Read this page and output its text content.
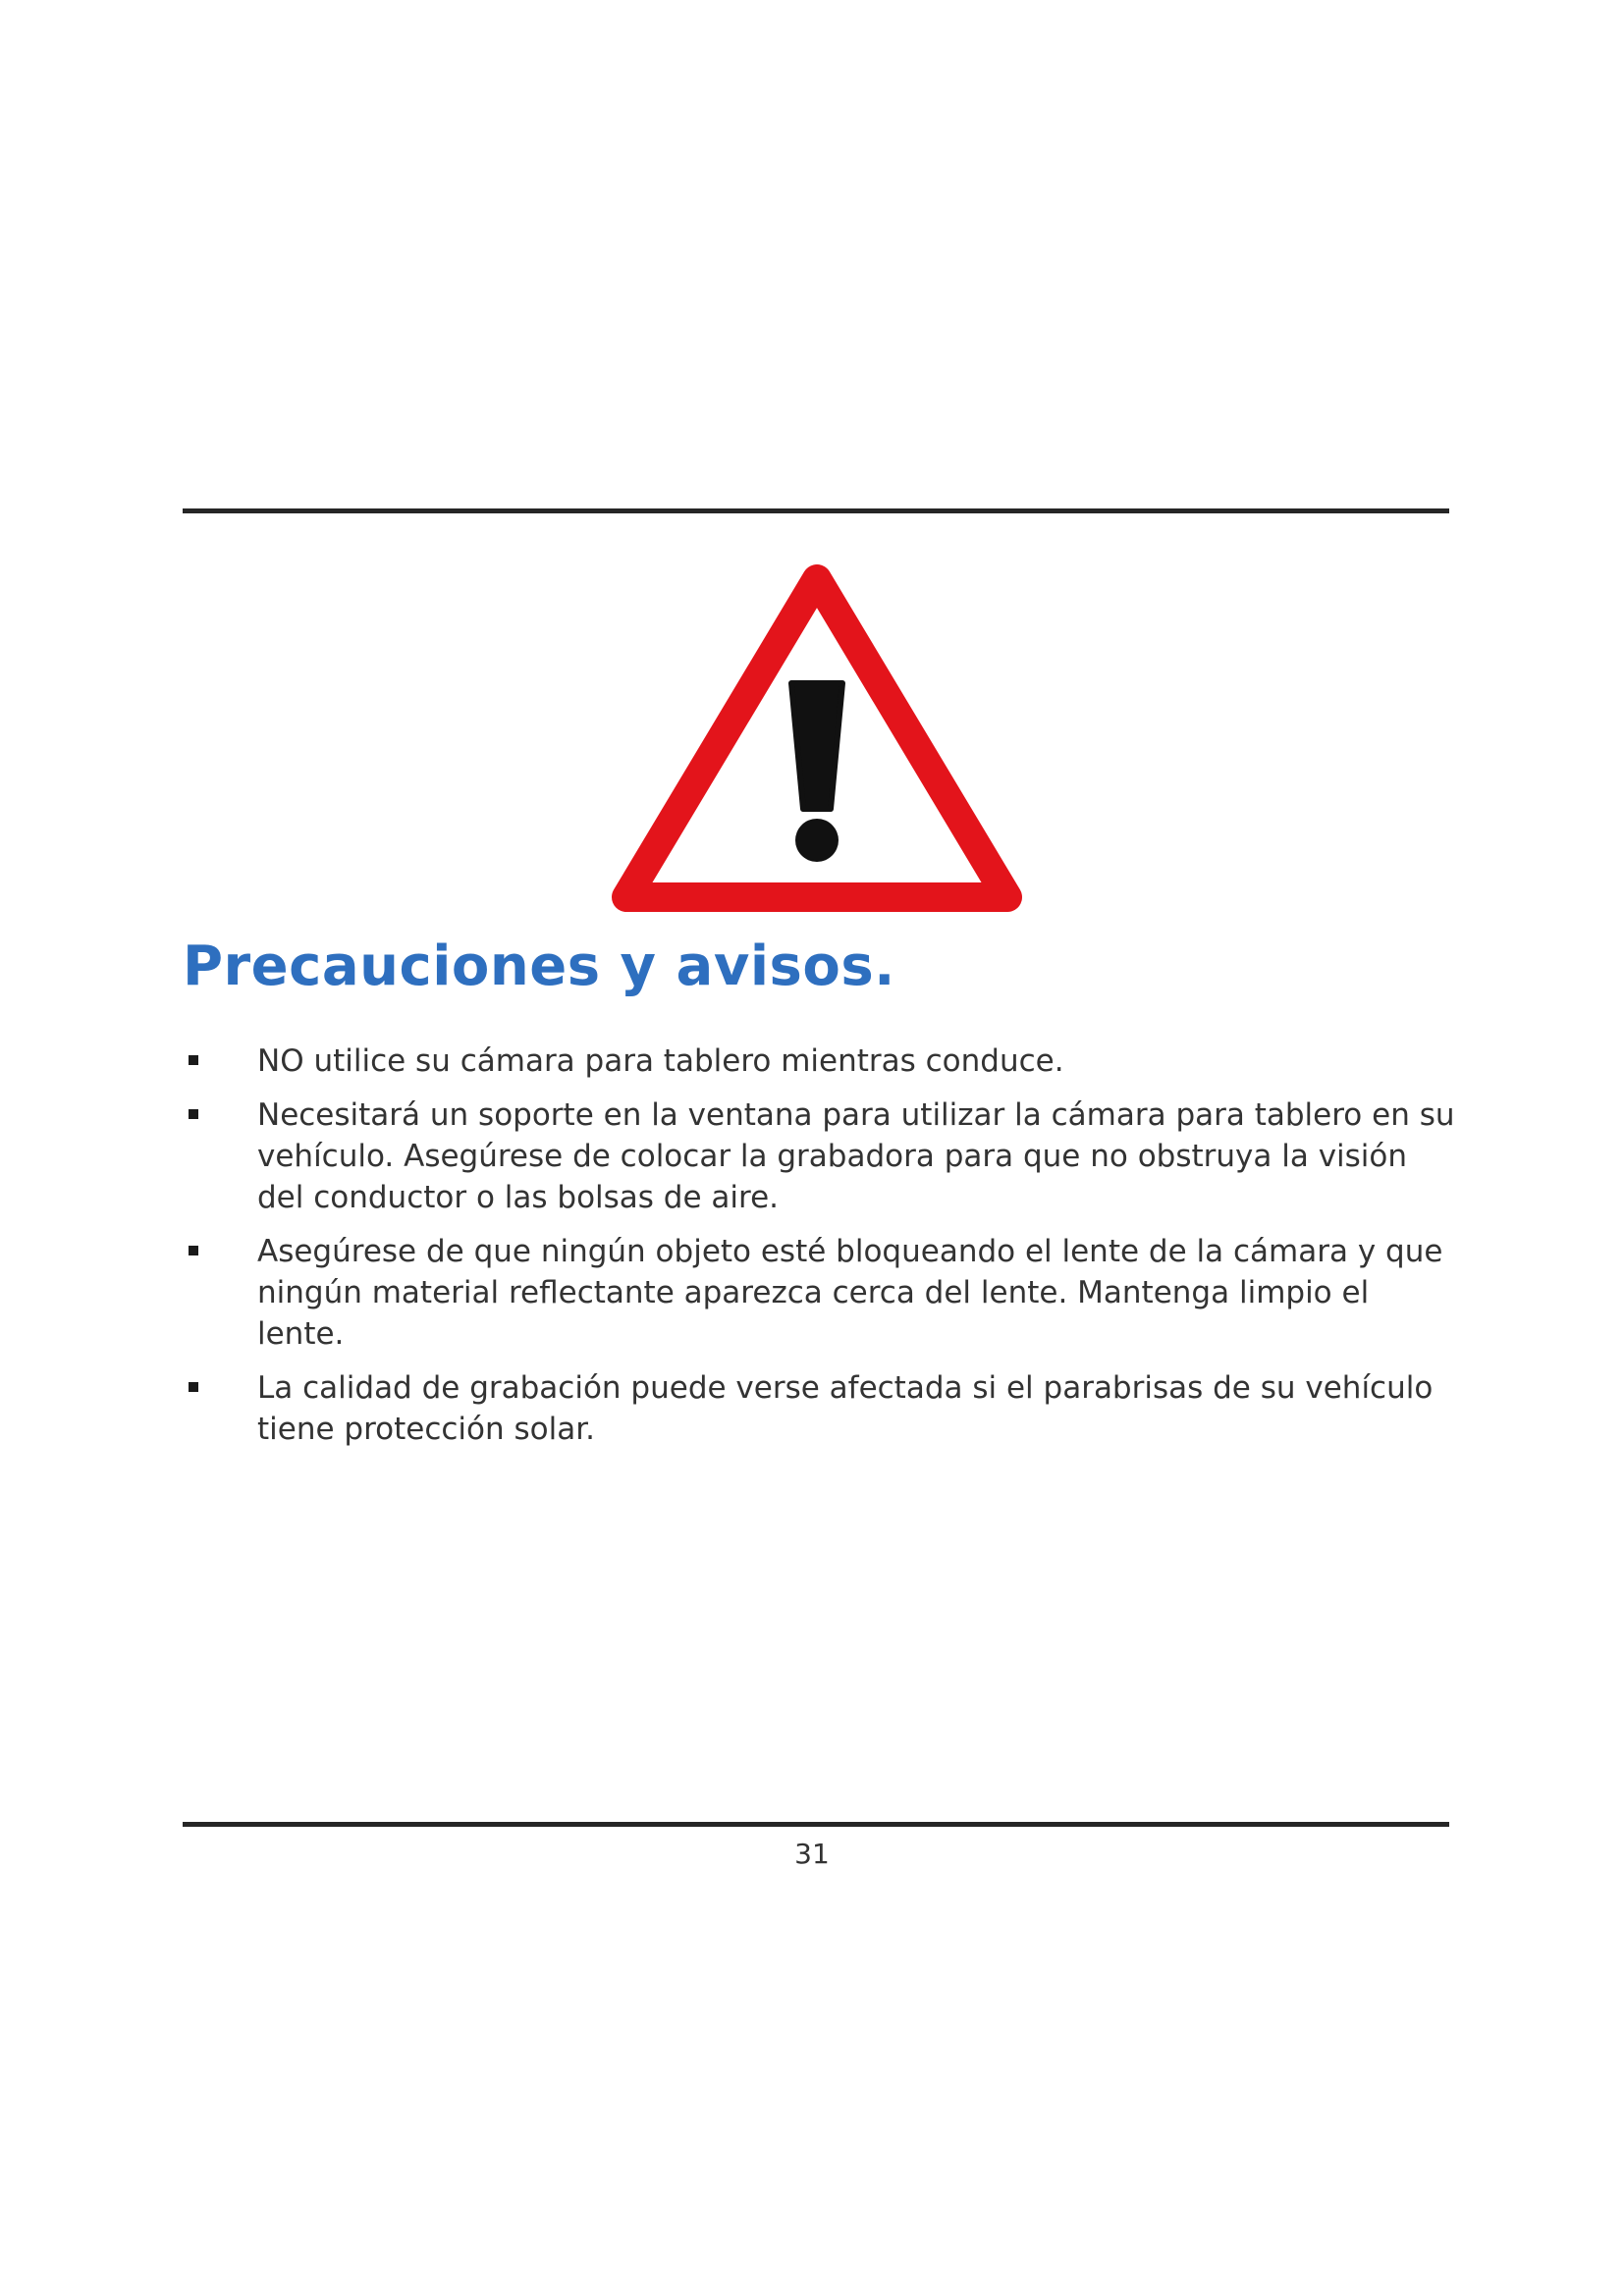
Precauciones y avisos.
NO utilice su cámara para tablero mientras conduce.
Necesitará un soporte en la ventana para utilizar la cámara para tablero en su vehículo. Asegúrese de colocar la grabadora para que no obstruya la visión del conductor o las bolsas de aire.
Asegúrese de que ningún objeto esté bloqueando el lente de la cámara y que ningún material reflectante aparezca cerca del lente. Mantenga limpio el lente.
La calidad de grabación puede verse afectada si el parabrisas de su vehículo tiene protección solar.
31
